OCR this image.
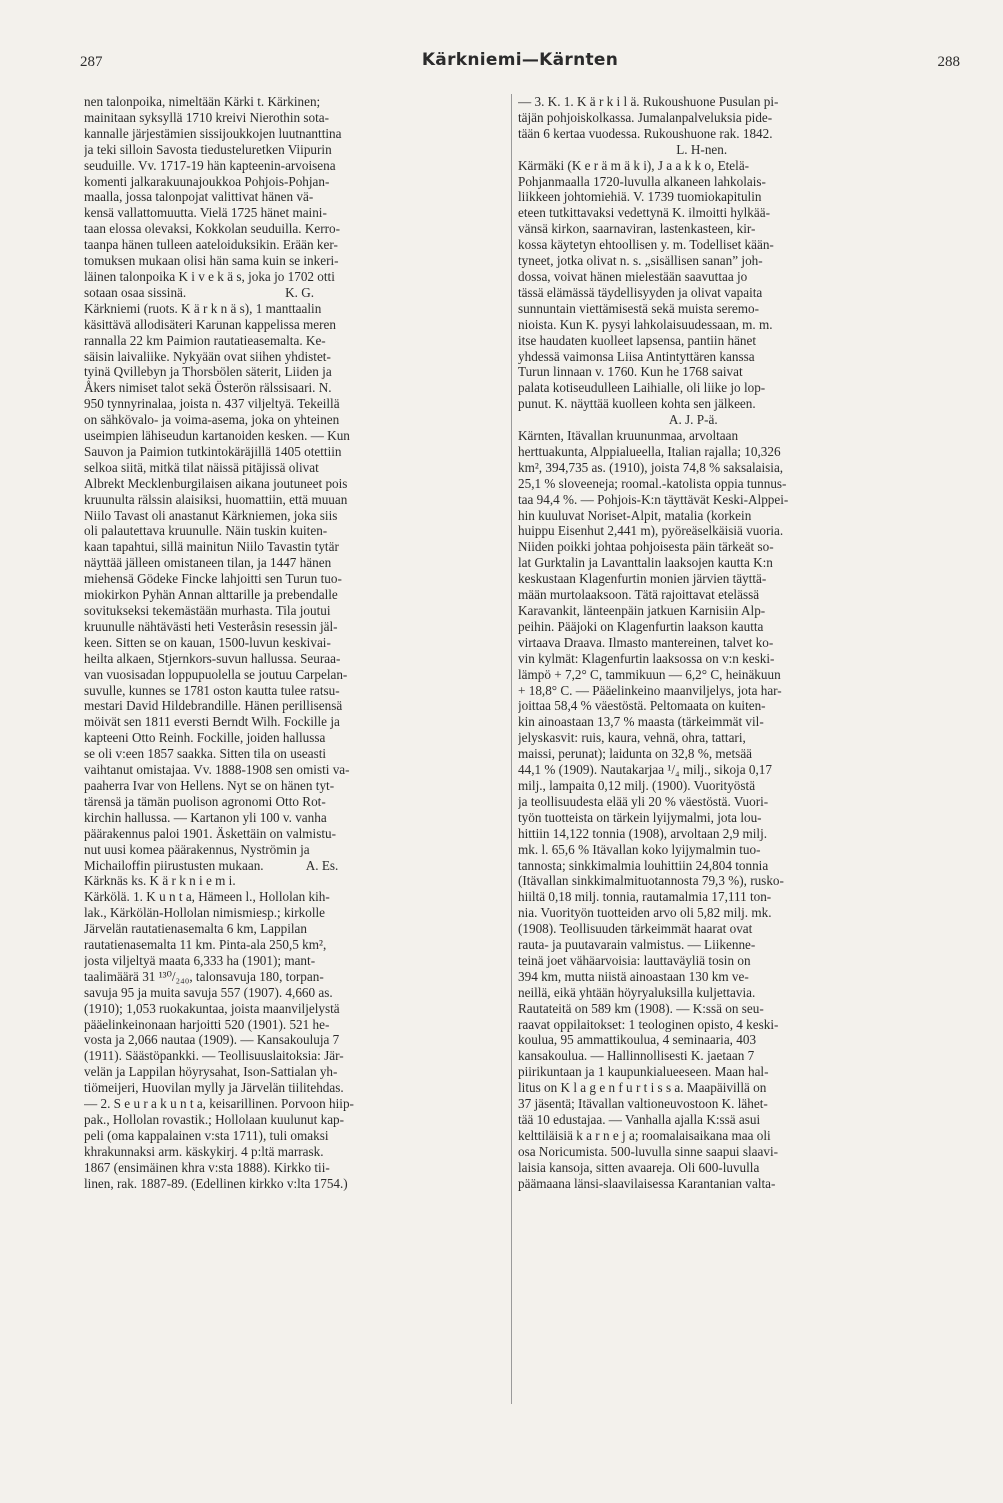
287	Kärkniemi—Kärnten	288
nen talonpoika, nimeltään Kärki t. Kärkinen;
mainitaan syksyllä 1710 kreivi Nierothin sota-
kannalle järjestämien sissijoukkojen luutnanttina
ja teki silloin Savosta tiedusteluretken Viipurin
seuduille. Vv. 1717-19 hän kapteenin-arvoisena
komenti jalkarakuunajoukkoa Pohjois-Pohjan-
maalla, jossa talonpojat valittivat hänen vä-
kensä vallattomuutta. Vielä 1725 hänet maini-
taan elossa olevaksi, Kokkolan seuduilla. Kerro-
taanpa hänen tulleen aateloiduksikin. Erään ker-
tomuksen mukaan olisi hän sama kuin se inkeri-
läinen talonpoika K i v e k ä s, joka jo 1702 otti
sotaan osaa sissinä.                              K. G.
Kärkniemi (ruots. K ä r k n ä s), 1 manttaalin
käsittävä allodisäteri Karunan kappelissa meren
rannalla 22 km Paimion rautatieasemalta. Ke-
säisin laivaliike. Nykyään ovat siihen yhdistet-
tyinä Qvillebyn ja Thorsbölen säterit, Liiden ja
Åkers nimiset talot sekä Österön rälssisaari. N.
950 tynnyrinalaa, joista n. 437 viljeltyä. Tekeillä
on sähkövalo- ja voima-asema, joka on yhteinen
useimpien lähiseudun kartanoiden kesken. — Kun
Sauvon ja Paimion tutkintokäräjillä 1405 otettiin
selkoa siitä, mitkä tilat näissä pitäjissä olivat
Albrekt Mecklenburgilaisen aikana joutuneet pois
kruunulta rälssin alaisiksi, huomattiin, että muuan
Niilo Tavast oli anastanut Kärkniemen, joka siis
oli palautettava kruunulle. Näin tuskin kuiten-
kaan tapahtui, sillä mainitun Niilo Tavastin tytär
näyttää jälleen omistaneen tilan, ja 1447 hänen
miehensä Gödeke Fincke lahjoitti sen Turun tuo-
miokirkon Pyhän Annan alttarille ja prebendalle
sovitukseksi tekemästään murhasta. Tila joutui
kruunulle nähtävästi heti Vesteråsin resessin jäl-
keen. Sitten se on kauan, 1500-luvun keskivai-
heilta alkaen, Stjernkors-suvun hallussa. Seuraa-
van vuosisadan loppupuolella se joutuu Carpelan-
suvulle, kunnes se 1781 oston kautta tulee ratsu-
mestari David Hildebrandille. Hänen perillisensä
möivät sen 1811 eversti Berndt Wilh. Fockille ja
kapteeni Otto Reinh. Fockille, joiden hallussa
se oli v:een 1857 saakka. Sitten tila on useasti
vaihtanut omistajaa. Vv. 1888-1908 sen omisti va-
paaherra Ivar von Hellens. Nyt se on hänen tyt-
tärensä ja tämän puolison agronomi Otto Rot-
kirchin hallussa. — Kartanon yli 100 v. vanha
päärakennus paloi 1901. Äskettäin on valmistu-
nut uusi komea päärakennus, Nyströmin ja
Michailoffin piirustusten mukaan.             A. Es.
Kärknäs ks. K ä r k n i e m i.
Kärkölä. 1. K u n t a, Hämeen l., Hollolan kih-
lak., Kärkölän-Hollolan nimismiesp.; kirkolle
Järvelän rautatienasemalta 6 km, Lappilan
rautatienasemalta 11 km. Pinta-ala 250,5 km²,
josta viljeltyä maata 6,333 ha (1901); mant-
taalimäärä 31 ¹³⁰/₂₄₀, talonsavuja 180, torpan-
savuja 95 ja muita savuja 557 (1907). 4,660 as.
(1910); 1,053 ruokakuntaa, joista maanviljelystä
pääelinkeinonaan harjoitti 520 (1901). 521 he-
vosta ja 2,066 nautaa (1909). — Kansakouluja 7
(1911). Säästöpankki. — Teollisuuslaitoksia: Jär-
velän ja Lappilan höyrysahat, Ison-Sattialan yh-
tiömeijeri, Huovilan mylly ja Järvelän tiilitehdas.
— 2. S e u r a k u n t a, keisarillinen. Porvoon hiip-
pak., Hollolan rovastik.; Hollolaan kuulunut kap-
peli (oma kappalainen v:sta 1711), tuli omaksi
khrakunnaksi arm. käskykirj. 4 p:ltä marrask.
1867 (ensimäinen khra v:sta 1888). Kirkko tii-
linen, rak. 1887-89. (Edellinen kirkko v:lta 1754.)
— 3. K. 1. K ä r k i l ä. Rukoushuone Pusulan pi-
täjän pohjoiskolkassa. Jumalanpalveluksia pide-
tään 6 kertaa vuodessa. Rukoushuone rak. 1842.
L. H-nen.
Kärmäki (K e r ä m ä k i), J a a k k o, Etelä-
Pohjanmaalla 1720-luvulla alkaneen lahkolais-
liikkeen johtomiehiä. V. 1739 tuomiokapitulin
eteen tutkittavaksi vedettynä K. ilmoitti hylkää-
vänsä kirkon, saarnaviran, lastenkasteen, kir-
kossa käytetyn ehtoollisen y. m. Todelliset kään-
tyneet, jotka olivat n. s. „sisällisen sanan” joh-
dossa, voivat hänen mielestään saavuttaa jo
tässä elämässä täydellisyyden ja olivat vapaita
sunnuntain viettämisestä sekä muista seremo-
nioista. Kun K. pysyi lahkolaisuudessaan, m. m.
itse haudaten kuolleet lapsensa, pantiin hänet
yhdessä vaimonsa Liisa Antintyttären kanssa
Turun linnaan v. 1760. Kun he 1768 saivat
palata kotiseudulleen Laihialle, oli liike jo lop-
punut. K. näyttää kuolleen kohta sen jälkeen.
A. J. P-ä.
Kärnten, Itävallan kruununmaa, arvoltaan
herttuakunta, Alppialueella, Italian rajalla; 10,326
km², 394,735 as. (1910), joista 74,8 % saksalaisia,
25,1 % sloveeneja; roomal.-katolista oppia tunnus-
taa 94,4 %. — Pohjois-K:n täyttävät Keski-Alppei-
hin kuuluvat Noriset-Alpit, matalia (korkein
huippu Eisenhut 2,441 m), pyöreäselkäisiä vuoria.
Niiden poikki johtaa pohjoisesta päin tärkeät so-
lat Gurktalin ja Lavanttalin laaksojen kautta K:n
keskustaan Klagenfurtin monien järvien täyttä-
mään murtolaaksoon. Tätä rajoittavat etelässä
Karavankit, länteenpäin jatkuen Karnisiin Alp-
peihin. Pääjoki on Klagenfurtin laakson kautta
virtaava Draava. Ilmasto mantereinen, talvet ko-
vin kylmät: Klagenfurtin laaksossa on v:n keski-
lämpö + 7,2° C, tammikuun — 6,2° C, heinäkuun
+ 18,8° C. — Pääelinkeino maanviljelys, jota har-
joittaa 58,4 % väestöstä. Peltomaata on kuiten-
kin ainoastaan 13,7 % maasta (tärkeimmät vil-
jelyskasvit: ruis, kaura, vehnä, ohra, tattari,
maissi, perunat); laidunta on 32,8 %, metsää
44,1 % (1909). Nautakarjaa ¹/₄ milj., sikoja 0,17
milj., lampaita 0,12 milj. (1900). Vuorityöstä
ja teollisuudesta elää yli 20 % väestöstä. Vuori-
työn tuotteista on tärkein lyijymalmi, jota lou-
hittiin 14,122 tonnia (1908), arvoltaan 2,9 milj.
mk. l. 65,6 % Itävallan koko lyijymalmin tuo-
tannosta; sinkkimalmia louhittiin 24,804 tonnia
(Itävallan sinkkimalmituotannosta 79,3 %), rusko-
hiiltä 0,18 milj. tonnia, rautamalmia 17,111 ton-
nia. Vuorityön tuotteiden arvo oli 5,82 milj. mk.
(1908). Teollisuuden tärkeimmät haarat ovat
rauta- ja puutavarain valmistus. — Liikenne-
teinä joet vähäarvoisia: lauttaväyliä tosin on
394 km, mutta niistä ainoastaan 130 km ve-
neillä, eikä yhtään höyryaluksilla kuljettavia.
Rautateitä on 589 km (1908). — K:ssä on seu-
raavat oppilaitokset: 1 teologinen opisto, 4 keski-
koulua, 95 ammattikoulua, 4 seminaaria, 403
kansakoulua. — Hallinnollisesti K. jaetaan 7
piirikuntaan ja 1 kaupunkialueeseen. Maan hal-
litus on K l a g e n f u r t i s s a. Maapäivillä on
37 jäsentä; Itävallan valtioneuvostoon K. lähet-
tää 10 edustajaa. — Vanhalla ajalla K:ssä asui
kelttiläisiä k a r n e j a; roomalaisaikana maa oli
osa Noricumista. 500-luvulla sinne saapui slaavi-
laisia kansoja, sitten avaareja. Oli 600-luvulla
päämaana länsi-slaavilaisessa Karantanian valta-
